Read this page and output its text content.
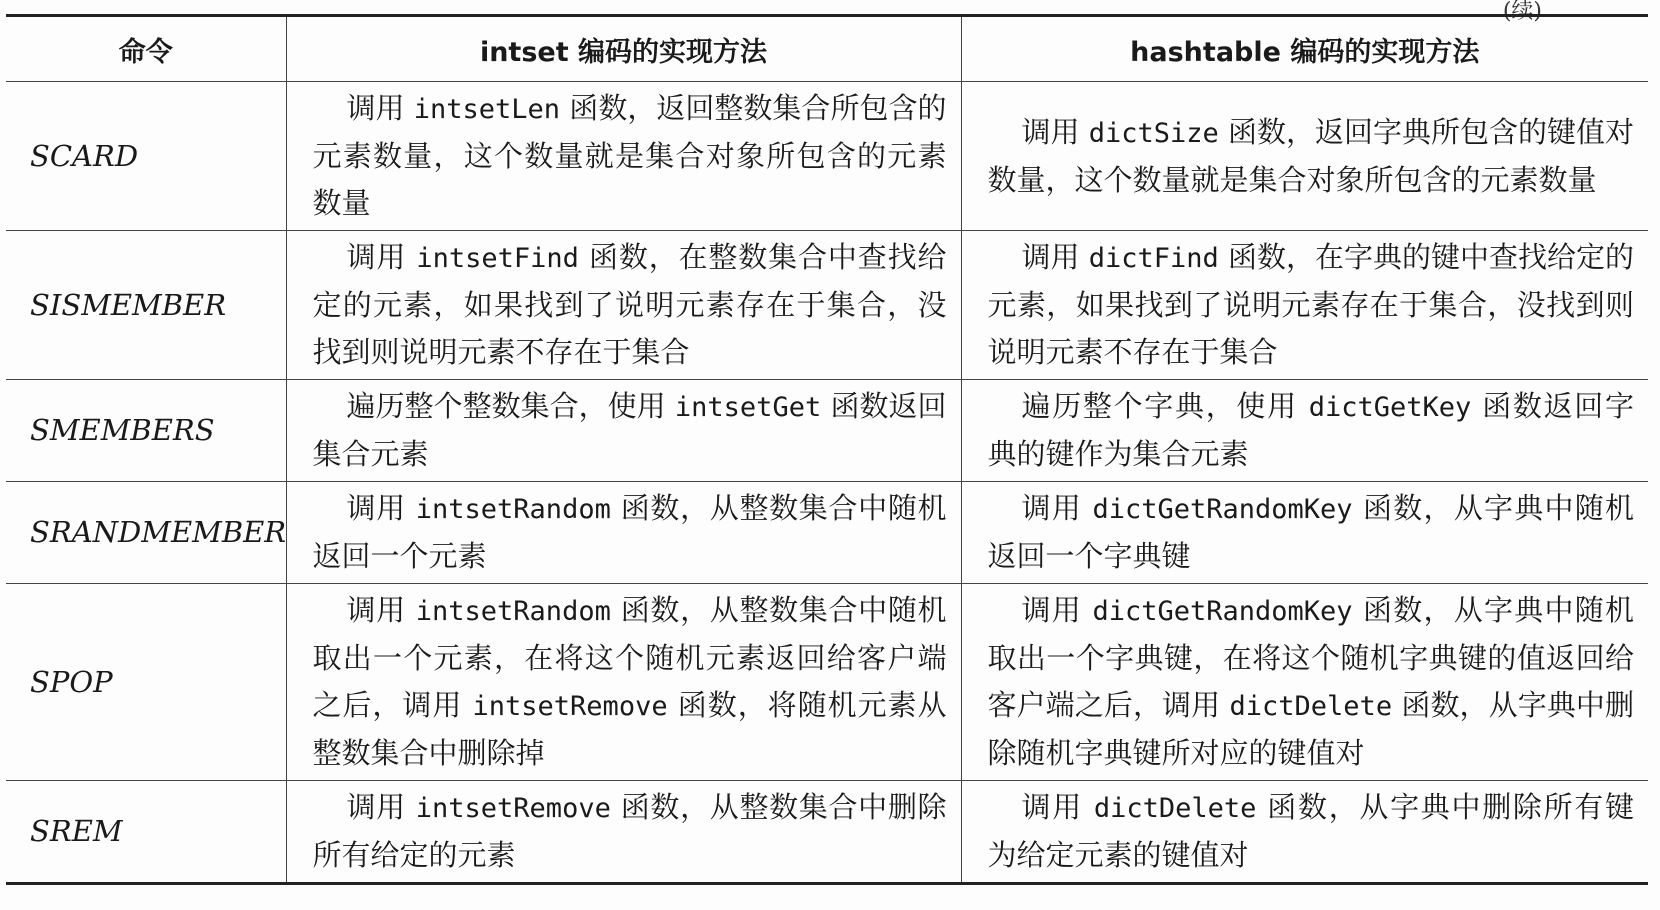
(续)
命令	intset 编码的实现方法	hashtable 编码的实现方法
SCARD	调用 intsetLen 函数，返回整数集合所包含的元素数量，这个数量就是集合对象所包含的元素数量	调用 dictSize 函数，返回字典所包含的键值对数量，这个数量就是集合对象所包含的元素数量
SISMEMBER	调用 intsetFind 函数，在整数集合中查找给定的元素，如果找到了说明元素存在于集合，没找到则说明元素不存在于集合	调用 dictFind 函数，在字典的键中查找给定的元素，如果找到了说明元素存在于集合，没找到则说明元素不存在于集合
SMEMBERS	遍历整个整数集合，使用 intsetGet 函数返回集合元素	遍历整个字典，使用 dictGetKey 函数返回字典的键作为集合元素
SRANDMEMBER	调用 intsetRandom 函数，从整数集合中随机返回一个元素	调用 dictGetRandomKey 函数，从字典中随机返回一个字典键
SPOP	调用 intsetRandom 函数，从整数集合中随机取出一个元素，在将这个随机元素返回给客户端之后，调用 intsetRemove 函数，将随机元素从整数集合中删除掉	调用 dictGetRandomKey 函数，从字典中随机取出一个字典键，在将这个随机字典键的值返回给客户端之后，调用 dictDelete 函数，从字典中删除随机字典键所对应的键值对
SREM	调用 intsetRemove 函数，从整数集合中删除所有给定的元素	调用 dictDelete 函数，从字典中删除所有键为给定元素的键值对
